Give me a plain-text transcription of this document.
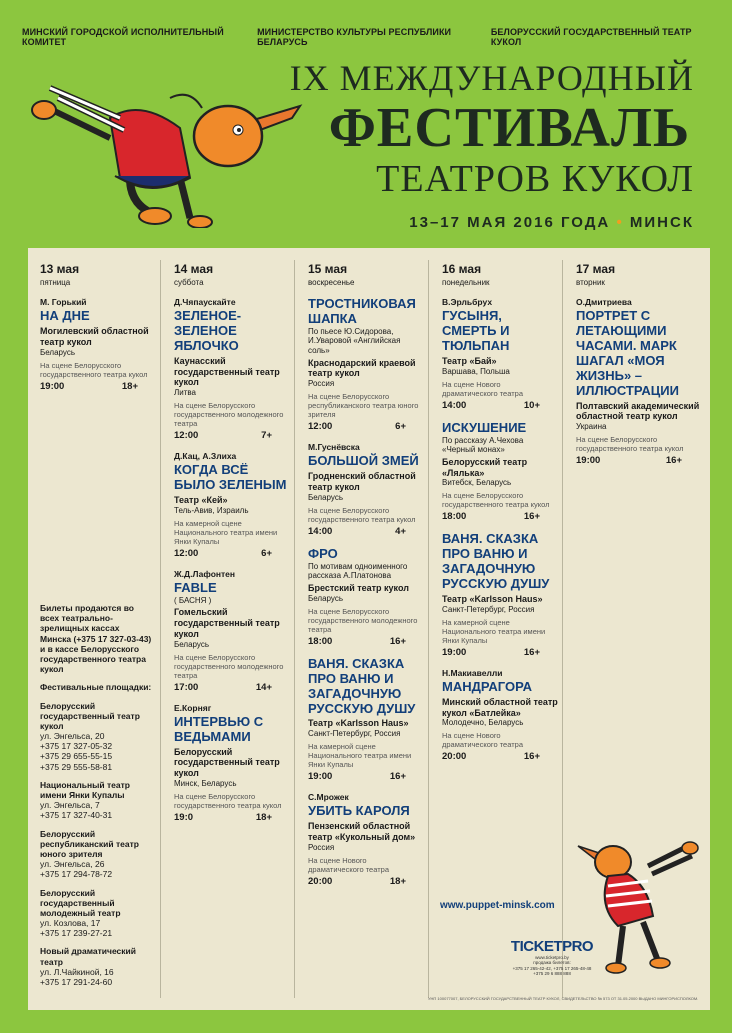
МИНСКИЙ ГОРОДСКОЙ ИСПОЛНИТЕЛЬНЫЙ КОМИТЕТ
МИНИСТЕРСТВО КУЛЬТУРЫ РЕСПУБЛИКИ БЕЛАРУСЬ
БЕЛОРУССКИЙ ГОСУДАРСТВЕННЫЙ ТЕАТР КУКОЛ
IX МЕЖДУНАРОДНЫЙ
ФЕСТИВАЛЬ
ТЕАТРОВ КУКОЛ
13–17 МАЯ 2016 ГОДА • МИНСК
13 мая
пятница
М. Горький
НА ДНЕ
Могилевский областной театр кукол
Беларусь
На сцене Белорусского государственного театра кукол
19:00	18+
14 мая
суббота
Д.Чяпаускайте
ЗЕЛЕНОЕ-ЗЕЛЕНОЕ ЯБЛОЧКО
Каунасский государственный театр кукол
Литва
На сцене Белорусского государственного молодежного театра
12:00	7+
Д.Кац, А.Злиха
КОГДА ВСЁ БЫЛО ЗЕЛЕНЫМ
Театр «Кей»
Тель-Авив, Израиль
На камерной сцене Национального театра имени Янки Купалы
12:00	6+
Ж.Д.Лафонтен
FABLE
( БАСНЯ )
Гомельский государственный театр кукол
Беларусь
На сцене Белорусского государственного молодежного театра
17:00	14+
Е.Корняг
ИНТЕРВЬЮ С ВЕДЬМАМИ
Белорусский государственный театр кукол
Минск, Беларусь
На сцене Белорусского государственного театра кукол
19:0	18+
15 мая
воскресенье
ТРОСТНИКОВАЯ ШАПКА
По пьесе Ю.Сидорова, И.Уваровой «Английская соль»
Краснодарский краевой театр кукол
Россия
На сцене Белорусского республиканского театра юного зрителя
12:00	6+
М.Гуснёвска
БОЛЬШОЙ ЗМЕЙ
Гродненский областной театр кукол
Беларусь
На сцене Белорусского государственного театра кукол
14:00	4+
ФРО
По мотивам одноименного рассказа А.Платонова
Брестский театр кукол
Беларусь
На сцене Белорусского государственного молодежного театра
18:00	16+
ВАНЯ. СКАЗКА ПРО ВАНЮ И ЗАГАДОЧНУЮ РУССКУЮ ДУШУ
Театр «Karlsson Haus»
Санкт-Петербург, Россия
На камерной сцене Национального театра имени Янки Купалы
19:00	16+
С.Мрожек
УБИТЬ КАРОЛЯ
Пензенский областной театр «Кукольный дом»
Россия
На сцене Нового драматического театра
20:00	18+
16 мая
понедельник
В.Эрльбрух
ГУСЫНЯ, СМЕРТЬ И ТЮЛЬПАН
Театр «Бай»
Варшава, Польша
На сцене Нового драматического театра
14:00	10+
ИСКУШЕНИЕ
По рассказу А.Чехова «Черный монах»
Белорусский театр «Лялька»
Витебск, Беларусь
На сцене Белорусского государственного театра кукол
18:00	16+
ВАНЯ. СКАЗКА ПРО ВАНЮ И ЗАГАДОЧНУЮ РУССКУЮ ДУШУ
Театр «Karlsson Haus»
Санкт-Петербург, Россия
На камерной сцене Национального театра имени Янки Купалы
19:00	16+
Н.Макиавелли
МАНДРАГОРА
Минский областной театр кукол «Батлейка»
Молодечно, Беларусь
На сцене Нового драматического театра
20:00	16+
17 мая
вторник
О.Дмитриева
ПОРТРЕТ С ЛЕТАЮЩИМИ ЧАСАМИ. МАРК ШАГАЛ «МОЯ ЖИЗНЬ» – ИЛЛЮСТРАЦИИ
Полтавский академический областной театр кукол
Украина
На сцене Белорусского государственного театра кукол
19:00	16+
Билеты продаются во всех театрально-зрелищных кассах Минска (+375 17 327-03-43) и в кассе Белорусского государственного театра кукол
Фестивальные площадки:
Белорусский государственный театр кукол
ул. Энгельса, 20
+375 17 327-05-32
+375 29 655-55-15
+375 29 555-58-81
Национальный театр имени Янки Купалы
ул. Энгельса, 7
+375 17 327-40-31
Белорусский республиканский театр юного зрителя
ул. Энгельса, 26
+375 17 294-78-72
Белорусский государственный молодежный театр
ул. Козлова, 17
+375 17 239-27-21
Новый драматический театр
ул. Л.Чайкиной, 16
+375 17 291-24-60
www.puppet-minsk.com
TICKETPRO
www.ticketpro.by
продажа билетов:
+375 17 265-42-42, +375 17 265-48-48
+375 29 6 888 888
УНП 100077007, БЕЛОРУССКИЙ ГОСУДАРСТВЕННЫЙ ТЕАТР КУКОЛ, СВИДЕТЕЛЬСТВО № 573 ОТ 31.05.2000 ВЫДАНО МИНГОРИСПОЛКОМ.
